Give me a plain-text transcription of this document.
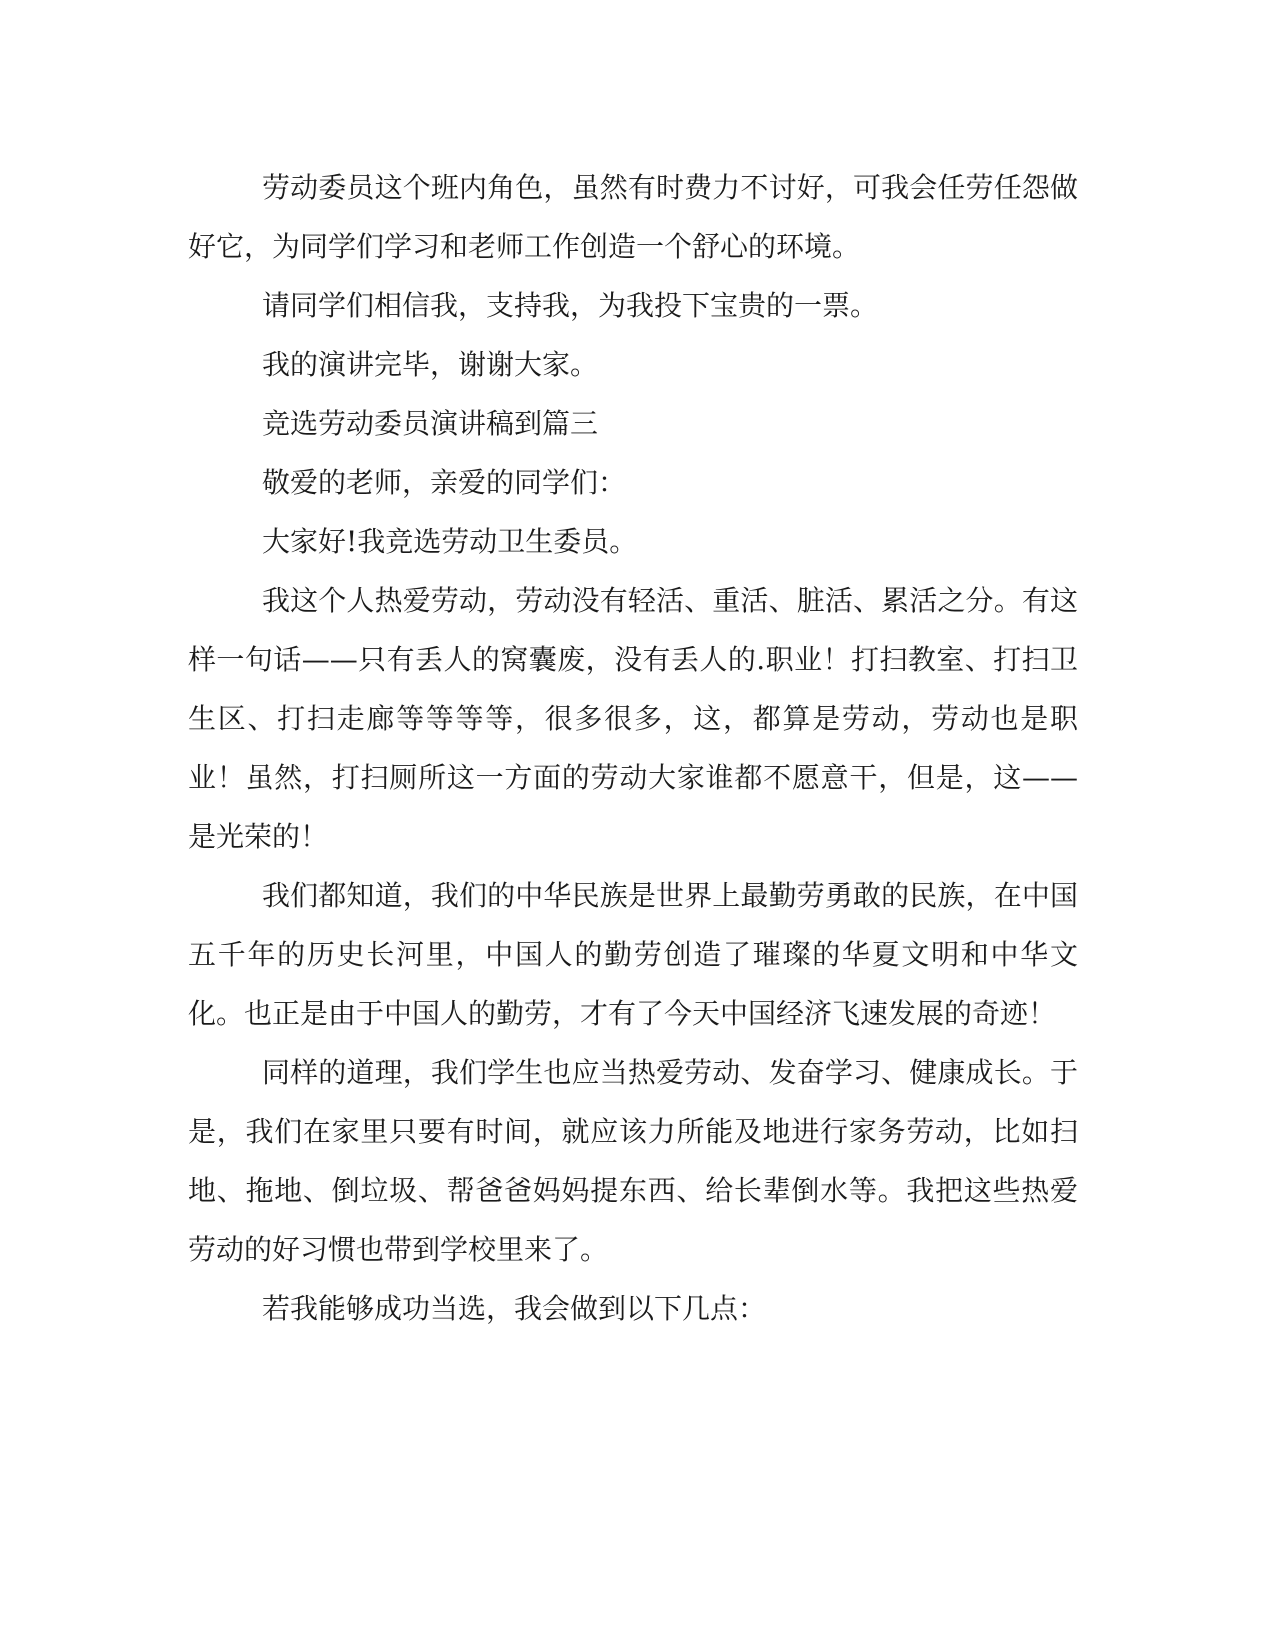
劳动委员这个班内角色，虽然有时费力不讨好，可我会任劳任怨做好它，为同学们学习和老师工作创造一个舒心的环境。

请同学们相信我，支持我，为我投下宝贵的一票。

我的演讲完毕，谢谢大家。

竞选劳动委员演讲稿到篇三

敬爱的老师，亲爱的同学们：

大家好!我竞选劳动卫生委员。

我这个人热爱劳动，劳动没有轻活、重活、脏活、累活之分。有这样一句话——只有丢人的窝囊废，没有丢人的.职业！打扫教室、打扫卫生区、打扫走廊等等等等，很多很多，这，都算是劳动，劳动也是职业！虽然，打扫厕所这一方面的劳动大家谁都不愿意干，但是，这——是光荣的！

我们都知道，我们的中华民族是世界上最勤劳勇敢的民族，在中国五千年的历史长河里，中国人的勤劳创造了璀璨的华夏文明和中华文化。也正是由于中国人的勤劳，才有了今天中国经济飞速发展的奇迹！

同样的道理，我们学生也应当热爱劳动、发奋学习、健康成长。于是，我们在家里只要有时间，就应该力所能及地进行家务劳动，比如扫地、拖地、倒垃圾、帮爸爸妈妈提东西、给长辈倒水等。我把这些热爱劳动的好习惯也带到学校里来了。

若我能够成功当选，我会做到以下几点：
